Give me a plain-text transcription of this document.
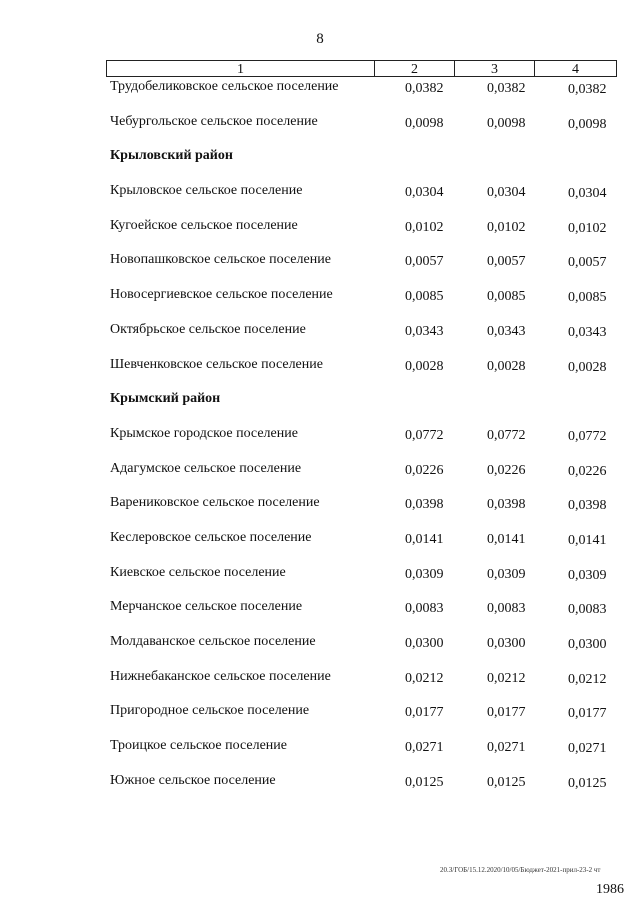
8
1	2	3	4
Трудобеликовское сельское поселение	0,0382	0,0382	0,0382
Чебургольское сельское поселение	0,0098	0,0098	0,0098
Крыловский район
Крыловское сельское поселение	0,0304	0,0304	0,0304
Кугоейское сельское поселение	0,0102	0,0102	0,0102
Новопашковское сельское поселение	0,0057	0,0057	0,0057
Новосергиевское сельское поселение	0,0085	0,0085	0,0085
Октябрьское сельское поселение	0,0343	0,0343	0,0343
Шевченковское сельское поселение	0,0028	0,0028	0,0028
Крымский район
Крымское городское поселение	0,0772	0,0772	0,0772
Адагумское сельское поселение	0,0226	0,0226	0,0226
Варениковское сельское поселение	0,0398	0,0398	0,0398
Кеслеровское сельское поселение	0,0141	0,0141	0,0141
Киевское сельское поселение	0,0309	0,0309	0,0309
Мерчанское сельское поселение	0,0083	0,0083	0,0083
Молдаванское сельское поселение	0,0300	0,0300	0,0300
Нижнебаканское сельское поселение	0,0212	0,0212	0,0212
Пригородное сельское поселение	0,0177	0,0177	0,0177
Троицкое сельское поселение	0,0271	0,0271	0,0271
Южное сельское поселение	0,0125	0,0125	0,0125
20.З/ГОБ/15.12.2020/10/05/Бюджет-2021-прил-23-2 чт
1986
